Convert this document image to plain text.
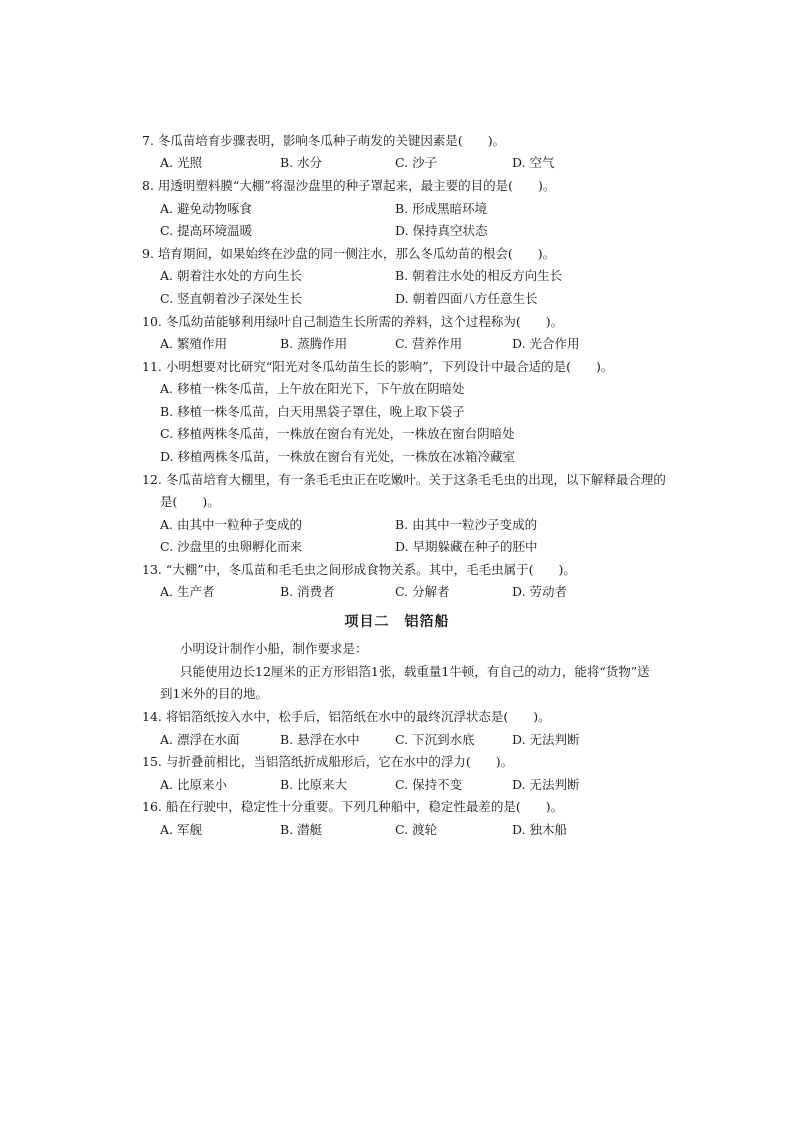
7. 冬瓜苗培育步骤表明，影响冬瓜种子萌发的关键因素是(　　)。
A. 光照	B. 水分	C. 沙子	D. 空气
8. 用透明塑料膜“大棚”将湿沙盘里的种子罩起来，最主要的目的是(　　)。
A. 避免动物啄食	B. 形成黑暗环境
C. 提高环境温暖	D. 保持真空状态
9. 培育期间，如果始终在沙盘的同一侧注水，那么冬瓜幼苗的根会(　　)。
A. 朝着注水处的方向生长	B. 朝着注水处的相反方向生长
C. 竖直朝着沙子深处生长	D. 朝着四面八方任意生长
10. 冬瓜幼苗能够利用绿叶自己制造生长所需的养料，这个过程称为(　　)。
A. 繁殖作用	B. 蒸腾作用	C. 营养作用	D. 光合作用
11. 小明想要对比研究“阳光对冬瓜幼苗生长的影响”，下列设计中最合适的是(　　)。
A. 移植一株冬瓜苗，上午放在阳光下，下午放在阴暗处
B. 移植一株冬瓜苗，白天用黑袋子罩住，晚上取下袋子
C. 移植两株冬瓜苗，一株放在窗台有光处，一株放在窗台阴暗处
D. 移植两株冬瓜苗，一株放在窗台有光处，一株放在冰箱冷藏室
12. 冬瓜苗培育大棚里，有一条毛毛虫正在吃嫩叶。关于这条毛毛虫的出现，以下解释最合理的
是(　　)。
A. 由其中一粒种子变成的	B. 由其中一粒沙子变成的
C. 沙盘里的虫卵孵化而来	D. 早期躲藏在种子的胚中
13. “大棚”中，冬瓜苗和毛毛虫之间形成食物关系。其中，毛毛虫属于(　　)。
A. 生产者	B. 消费者	C. 分解者	D. 劳动者
项目二　铝箔船
小明设计制作小船，制作要求是：
只能使用边长12厘米的正方形铝箔1张，载重量1牛顿，有自己的动力，能将“货物”送
到1米外的目的地。
14. 将铝箔纸按入水中，松手后，铝箔纸在水中的最终沉浮状态是(　　)。
A. 漂浮在水面	B. 悬浮在水中	C. 下沉到水底	D. 无法判断
15. 与折叠前相比，当铝箔纸折成船形后，它在水中的浮力(　　)。
A. 比原来小	B. 比原来大	C. 保持不变	D. 无法判断
16. 船在行驶中，稳定性十分重要。下列几种船中，稳定性最差的是(　　)。
A. 军舰	B. 潜艇	C. 渡轮	D. 独木船
